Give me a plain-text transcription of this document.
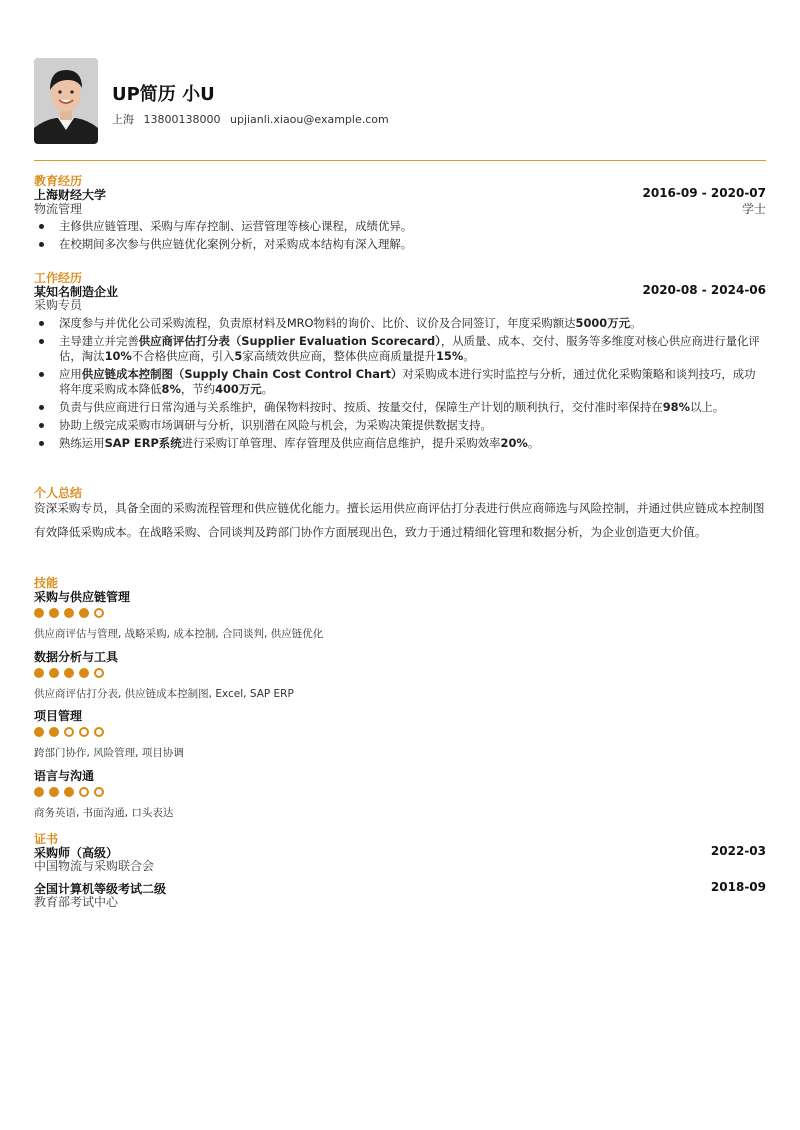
UP简历 小U
上海 13800138000 upjianli.xiaou@example.com
教育经历
上海财经大学	2016-09 - 2020-07
物流管理	学士
主修供应链管理、采购与库存控制、运营管理等核心课程，成绩优异。
在校期间多次参与供应链优化案例分析，对采购成本结构有深入理解。
工作经历
某知名制造企业	2020-08 - 2024-06
采购专员
深度参与并优化公司采购流程，负责原材料及MRO物料的询价、比价、议价及合同签订，年度采购额达5000万元。
主导建立并完善供应商评估打分表（Supplier Evaluation Scorecard），从质量、成本、交付、服务等多维度对核心供应商进行量化评估，淘汰10%不合格供应商，引入5家高绩效供应商，整体供应商质量提升15%。
应用供应链成本控制图（Supply Chain Cost Control Chart）对采购成本进行实时监控与分析，通过优化采购策略和谈判技巧，成功将年度采购成本降低8%，节约400万元。
负责与供应商进行日常沟通与关系维护，确保物料按时、按质、按量交付，保障生产计划的顺利执行，交付准时率保持在98%以上。
协助上级完成采购市场调研与分析，识别潜在风险与机会，为采购决策提供数据支持。
熟练运用SAP ERP系统进行采购订单管理、库存管理及供应商信息维护，提升采购效率20%。
个人总结
资深采购专员，具备全面的采购流程管理和供应链优化能力。擅长运用供应商评估打分表进行供应商筛选与风险控制，并通过供应链成本控制图有效降低采购成本。在战略采购、合同谈判及跨部门协作方面展现出色，致力于通过精细化管理和数据分析，为企业创造更大价值。
技能
采购与供应链管理
供应商评估与管理, 战略采购, 成本控制, 合同谈判, 供应链优化
数据分析与工具
供应商评估打分表, 供应链成本控制图, Excel, SAP ERP
项目管理
跨部门协作, 风险管理, 项目协调
语言与沟通
商务英语, 书面沟通, 口头表达
证书
采购师（高级）	2022-03
中国物流与采购联合会
全国计算机等级考试二级	2018-09
教育部考试中心
